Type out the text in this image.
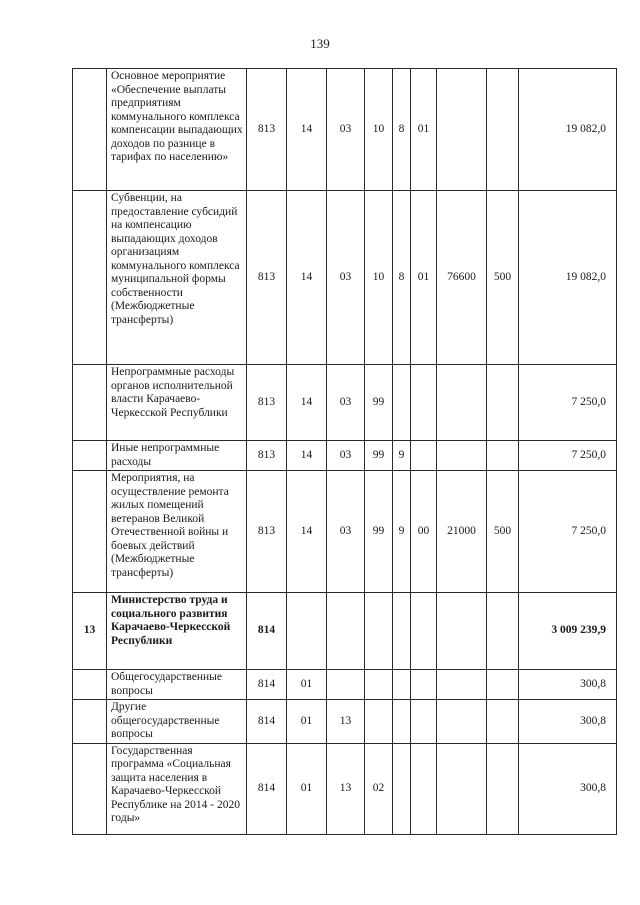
139
	Основное мероприятие «Обеспечение выплаты предприятиям коммунального комплекса компенсации выпадающих доходов по разнице в тарифах по населению»	813	14	03	10	8	01			19 082,0
	Субвенции, на предоставление субсидий на компенсацию выпадающих доходов организациям коммунального комплекса муниципальной формы собственности (Межбюджетные трансферты)	813	14	03	10	8	01	76600	500	19 082,0
	Непрограммные расходы органов исполнительной власти Карачаево-Черкесской Республики	813	14	03	99					7 250,0
	Иные непрограммные расходы	813	14	03	99	9				7 250,0
	Мероприятия, на осуществление ремонта жилых помещений ветеранов Великой Отечественной войны и боевых действий (Межбюджетные трансферты)	813	14	03	99	9	00	21000	500	7 250,0
13	Министерство труда и социального развития Карачаево-Черкесской Республики	814								3 009 239,9
	Общегосударственные вопросы	814	01							300,8
	Другие общегосударственные вопросы	814	01	13						300,8
	Государственная программа «Социальная защита населения в Карачаево-Черкесской Республике на 2014 - 2020 годы»	814	01	13	02					300,8
